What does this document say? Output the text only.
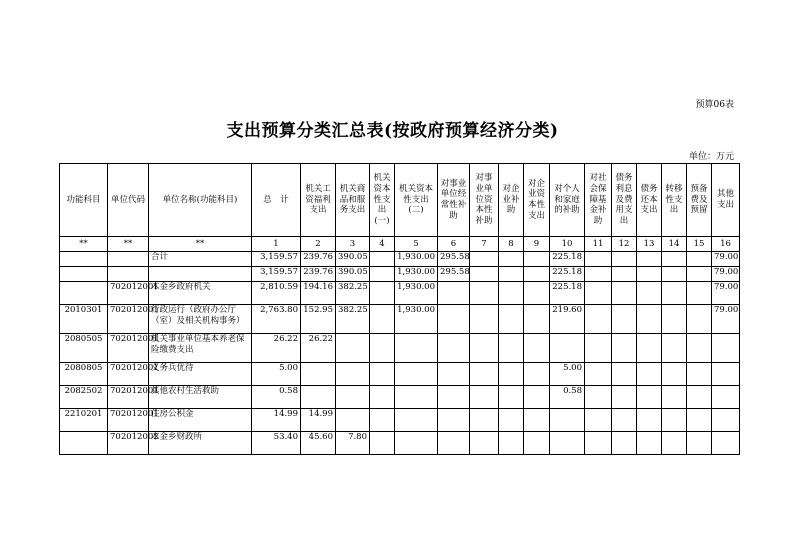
预算06表
支出预算分类汇总表(按政府预算经济分类)
单位：万元
功能科目	单位代码	单位名称(功能科目)	总　计	机关工资福利支出	机关商品和服务支出	机关资本性支出(一)	机关资本性支出(二)	对事业单位经常性补助	对事业单位资本性补助	对企业补助	对企业资本性支出	对个人和家庭的补助	对社会保障基金补助	债务利息及费用支出	债务还本支出	转移性支出	预备费及预留	其他支出
**	**	**	1	2	3	4	5	6	7	8	9	10	11	12	13	14	15	16
		合计	3,159.57	239.76	390.05		1,930.00	295.58				225.18						79.00
			3,159.57	239.76	390.05		1,930.00	295.58				225.18						79.00
	702012001	木金乡政府机关	2,810.59	194.16	382.25		1,930.00					225.18						79.00
2010301	702012001	行政运行（政府办公厅（室）及相关机构事务）	2,763.80	152.95	382.25		1,930.00					219.60						79.00
2080505	702012001	机关事业单位基本养老保险缴费支出	26.22	26.22														
2080805	702012001	义务兵优待	5.00									5.00						
2082502	702012001	其他农村生活救助	0.58									0.58						
2210201	702012001	住房公积金	14.99	14.99														
	702012002	木金乡财政所	53.40	45.60	7.80													
